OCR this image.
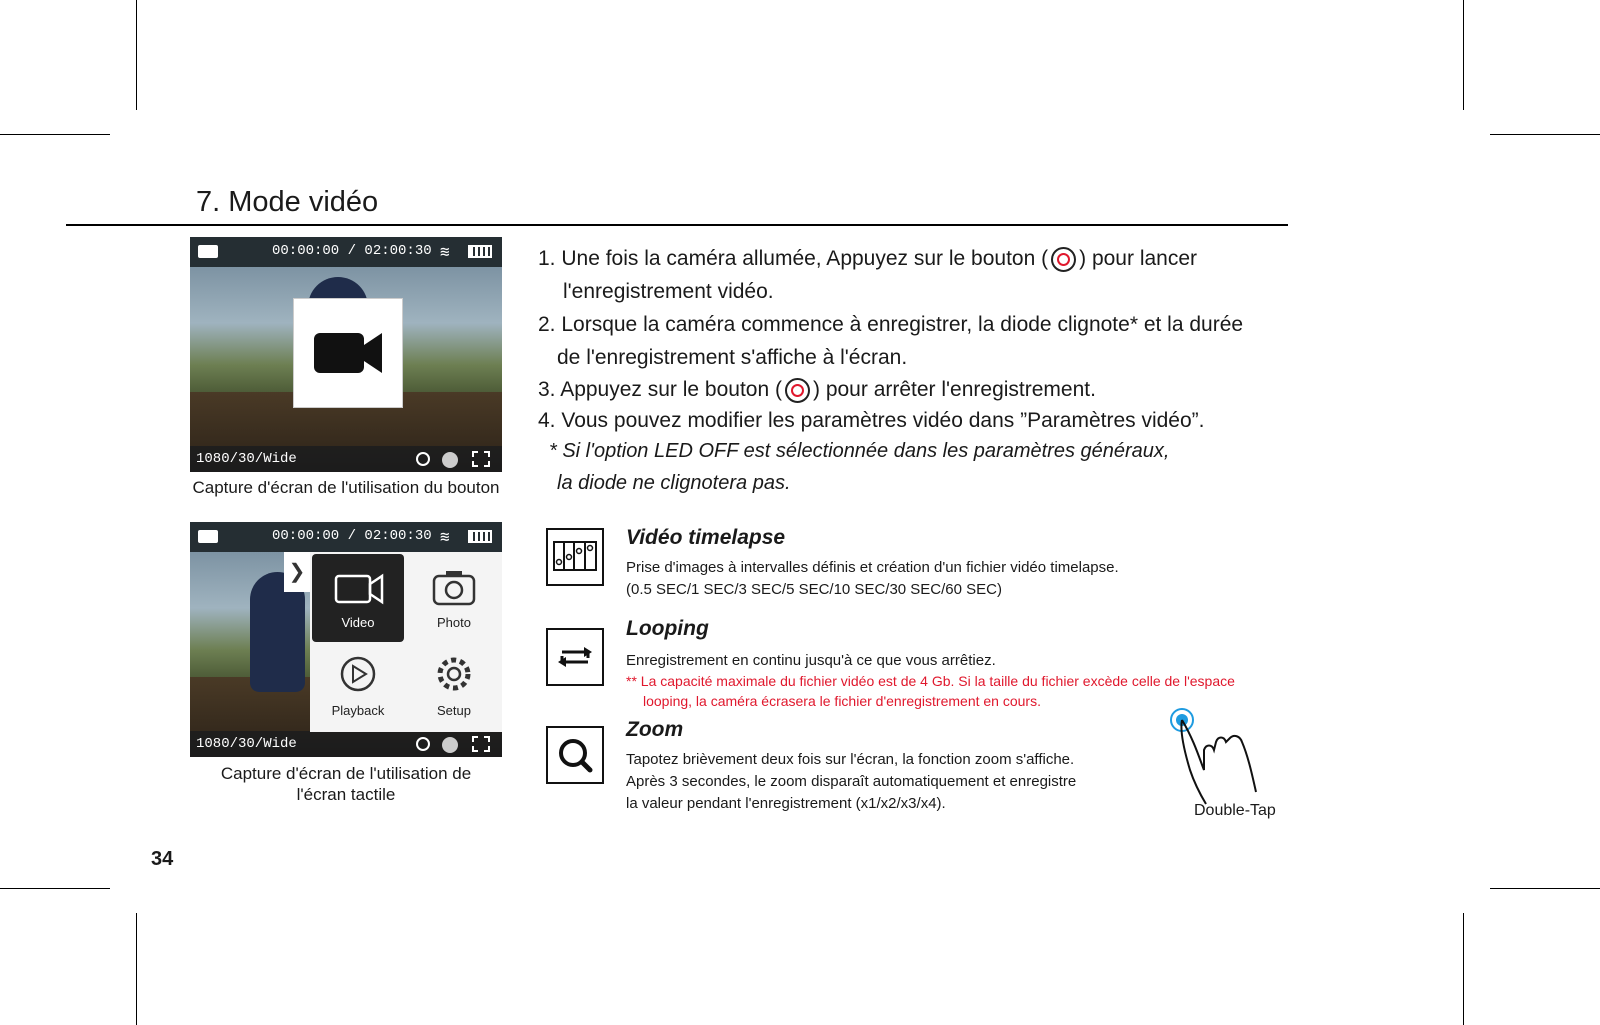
7. Mode vidéo
00:00:00 / 02:00:30 ≋
1080/30/Wide
Capture d'écran de l'utilisation du bouton
00:00:00 / 02:00:30 ≋
1080/30/Wide
❯
Video	Photo
Playback	Setup
Capture d'écran de l'utilisation de
l'écran tactile
1. Une fois la caméra allumée, Appuyez sur le bouton ( ) pour lancer
l'enregistrement vidéo.
2. Lorsque la caméra commence à enregistrer, la diode clignote* et la durée
de l'enregistrement s'affiche à l'écran.
3. Appuyez sur le bouton ( ) pour arrêter l'enregistrement.
4. Vous pouvez modifier les paramètres vidéo dans ”Paramètres vidéo”.
* Si l'option LED OFF est sélectionnée dans les paramètres généraux,
la diode ne clignotera pas.
Vidéo timelapse
Prise d'images à intervalles définis et création d'un fichier vidéo timelapse.
(0.5 SEC/1 SEC/3 SEC/5 SEC/10 SEC/30 SEC/60 SEC)
Looping
Enregistrement en continu jusqu'à ce que vous arrêtiez.
** La capacité maximale du fichier vidéo est de 4 Gb. Si la taille du fichier excède celle de l'espace
looping, la caméra écrasera le fichier d'enregistrement en cours.
Zoom
Tapotez brièvement deux fois sur l'écran, la fonction zoom s'affiche.
Après 3 secondes, le zoom disparaît automatiquement et enregistre
la valeur pendant l'enregistrement (x1/x2/x3/x4).	Double-Tap
34
